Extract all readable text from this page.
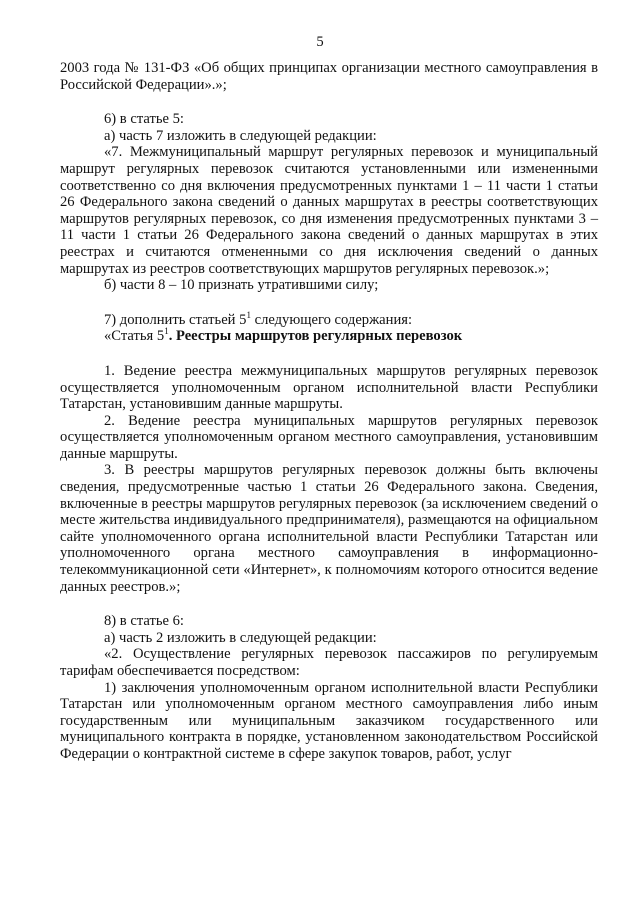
5

2003 года № 131-ФЗ «Об общих принципах организации местного самоуправления в Российской Федерации».»;

6) в статье 5:

а) часть 7 изложить в следующей редакции:

«7. Межмуниципальный маршрут регулярных перевозок и муниципальный маршрут регулярных перевозок считаются установленными или измененными соответственно со дня включения предусмотренных пунктами 1 – 11 части 1 статьи 26 Федерального закона сведений о данных маршрутах в реестры соответствующих маршрутов регулярных перевозок, со дня изменения предусмотренных пунктами 3 – 11 части 1 статьи 26 Федерального закона сведений о данных маршрутах в этих реестрах и считаются отмененными со дня исключения сведений о данных маршрутах из реестров соответствующих маршрутов регулярных перевозок.»;

б) части 8 – 10 признать утратившими силу;

7) дополнить статьей $5^1$ следующего содержания:

«Статья $5^1$. Реестры маршрутов регулярных перевозок

1. Ведение реестра межмуниципальных маршрутов регулярных перевозок осуществляется уполномоченным органом исполнительной власти Республики Татарстан, установившим данные маршруты.

2. Ведение реестра муниципальных маршрутов регулярных перевозок осуществляется уполномоченным органом местного самоуправления, установившим данные маршруты.

3. В реестры маршрутов регулярных перевозок должны быть включены сведения, предусмотренные частью 1 статьи 26 Федерального закона. Сведения, включенные в реестры маршрутов регулярных перевозок (за исключением сведений о месте жительства индивидуального предпринимателя), размещаются на официальном сайте уполномоченного органа исполнительной власти Республики Татарстан или уполномоченного органа местного самоуправления в информационно-телекоммуникационной сети «Интернет», к полномочиям которого относится ведение данных реестров.»;

8) в статье 6:

а) часть 2 изложить в следующей редакции:

«2. Осуществление регулярных перевозок пассажиров по регулируемым тарифам обеспечивается посредством:

1) заключения уполномоченным органом исполнительной власти Республики Татарстан или уполномоченным органом местного самоуправления либо иным государственным или муниципальным заказчиком государственного или муниципального контракта в порядке, установленном законодательством Российской Федерации о контрактной системе в сфере закупок товаров, работ, услуг
